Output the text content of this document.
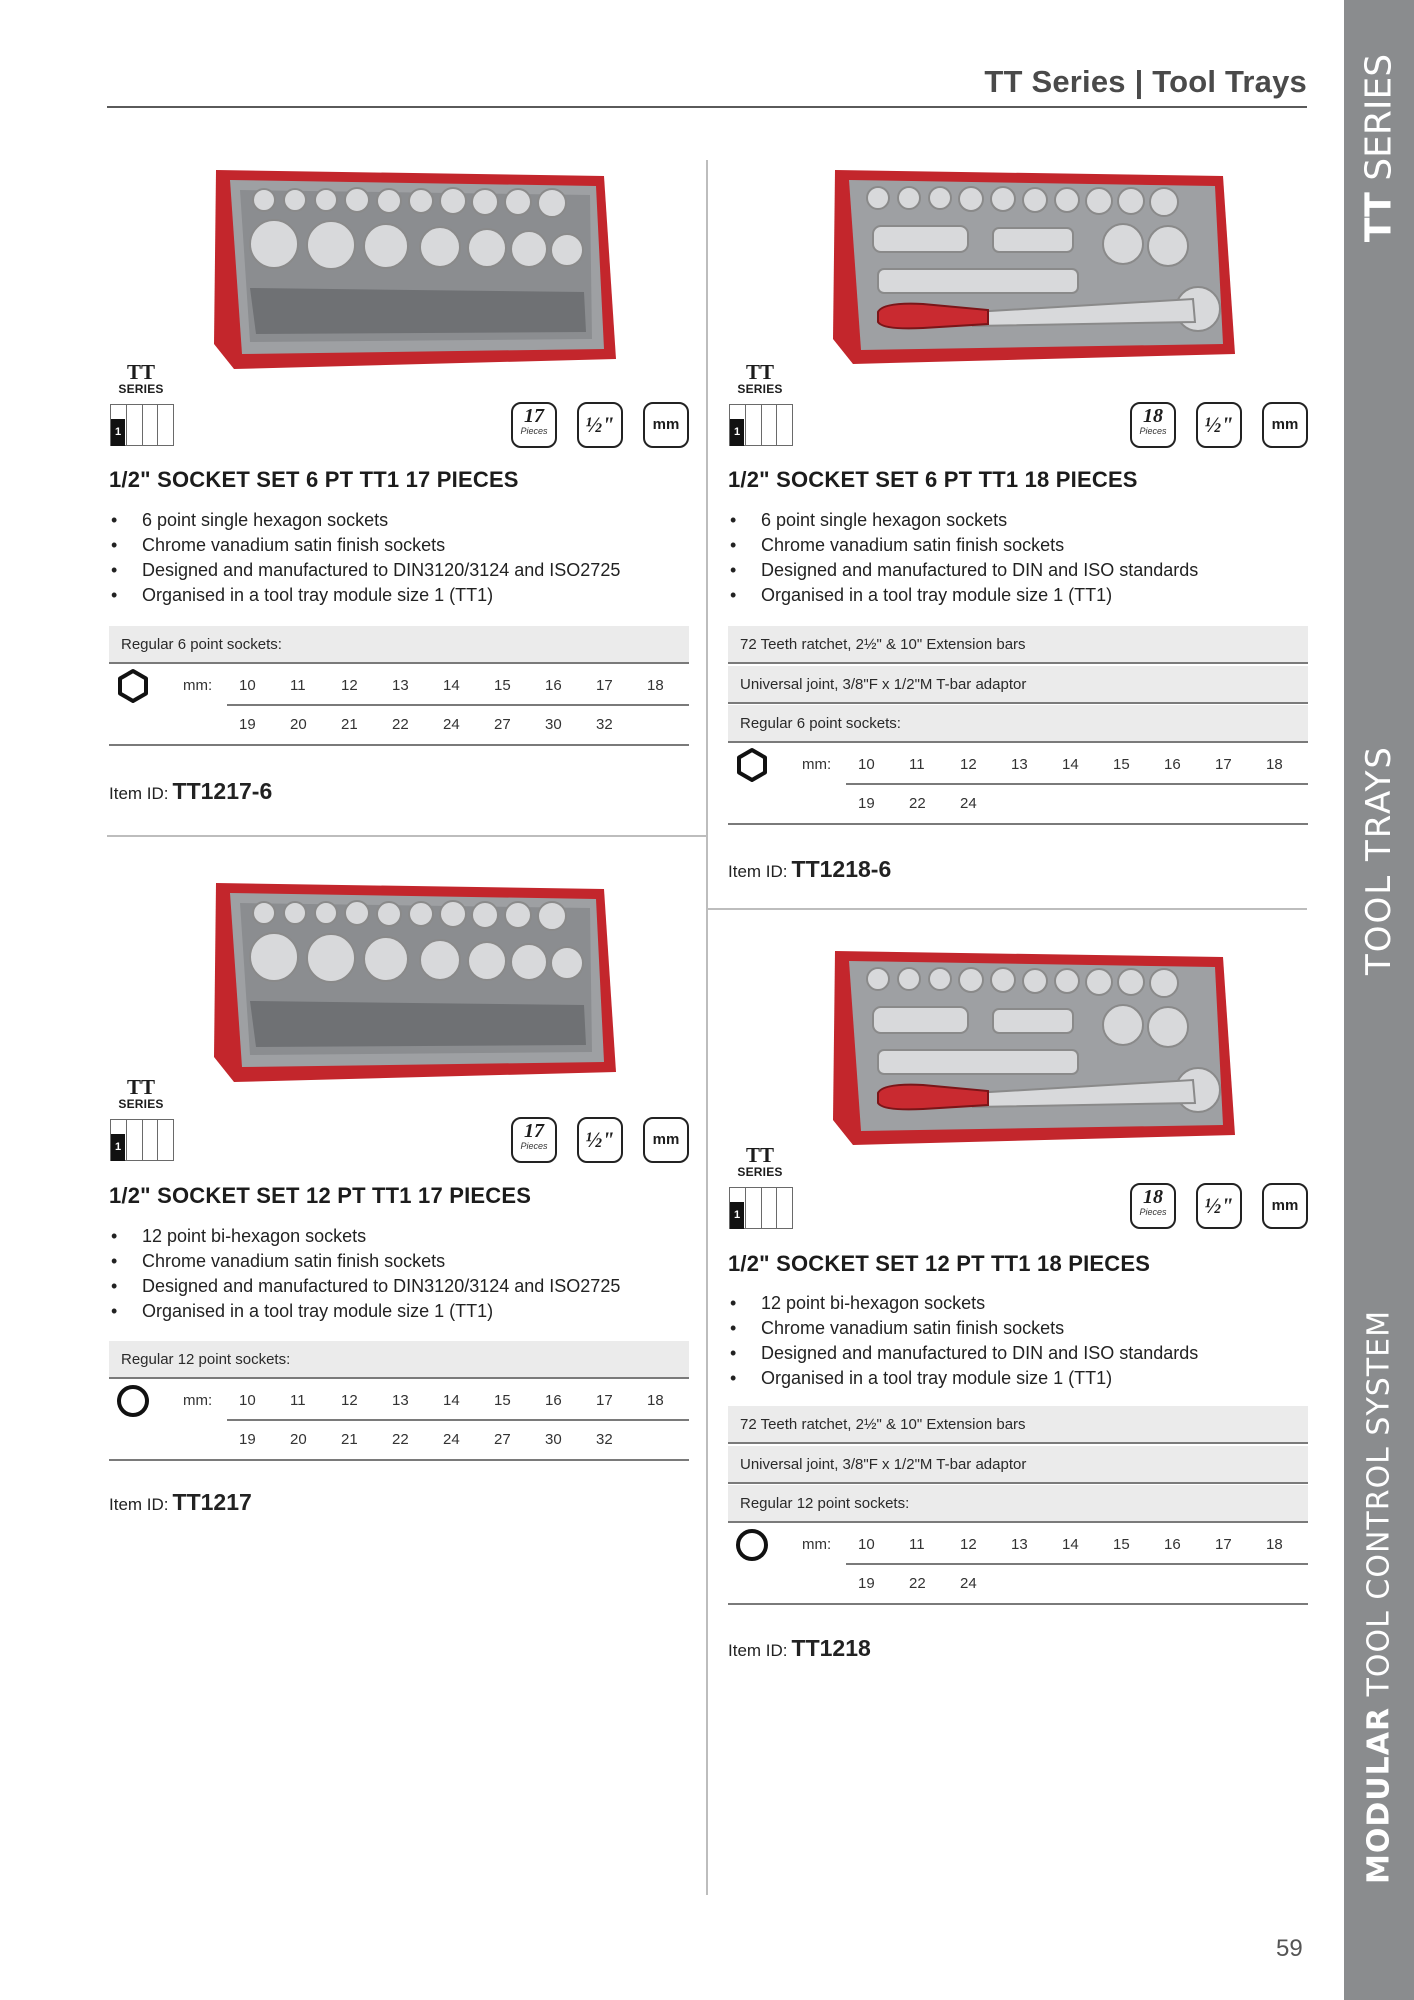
TT Series | Tool Trays
TT SERIES
TOOL TRAYS
MODULAR TOOL CONTROL SYSTEM
TT
SERIES
1
17
Pieces	½"	mm
1/2" SOCKET SET 6 PT TT1 17 PIECES
• 6 point single hexagon sockets
• Chrome vanadium satin finish sockets
• Designed and manufactured to DIN3120/3124 and ISO2725
• Organised in a tool tray module size 1 (TT1)
Regular 6 point sockets:
mm: 10	11	12	13	14	15	16	17	18
19	20	21	22	24	27	30	32
Item ID: TT1217-6
TT
SERIES
1
18
Pieces	½"	mm
1/2" SOCKET SET 6 PT TT1 18 PIECES
• 6 point single hexagon sockets
• Chrome vanadium satin finish sockets
• Designed and manufactured to DIN and ISO standards
• Organised in a tool tray module size 1 (TT1)
72 Teeth ratchet, 2½" & 10" Extension bars
Universal joint, 3/8"F x 1/2"M T-bar adaptor
Regular 6 point sockets:
mm: 10	11	12	13	14	15	16	17	18
19	22	24
Item ID: TT1218-6
TT
SERIES
1
17
Pieces	½"	mm
1/2" SOCKET SET 12 PT TT1 17 PIECES
• 12 point bi-hexagon sockets
• Chrome vanadium satin finish sockets
• Designed and manufactured to DIN3120/3124 and ISO2725
• Organised in a tool tray module size 1 (TT1)
Regular 12 point sockets:
mm: 10	11	12	13	14	15	16	17	18
19	20	21	22	24	27	30	32
Item ID: TT1217
TT
SERIES
1
18
Pieces	½"	mm
1/2" SOCKET SET 12 PT TT1 18 PIECES
• 12 point bi-hexagon sockets
• Chrome vanadium satin finish sockets
• Designed and manufactured to DIN and ISO standards
• Organised in a tool tray module size 1 (TT1)
72 Teeth ratchet, 2½" & 10" Extension bars
Universal joint, 3/8"F x 1/2"M T-bar adaptor
Regular 12 point sockets:
mm: 10	11	12	13	14	15	16	17	18
19	22	24
Item ID: TT1218
59
